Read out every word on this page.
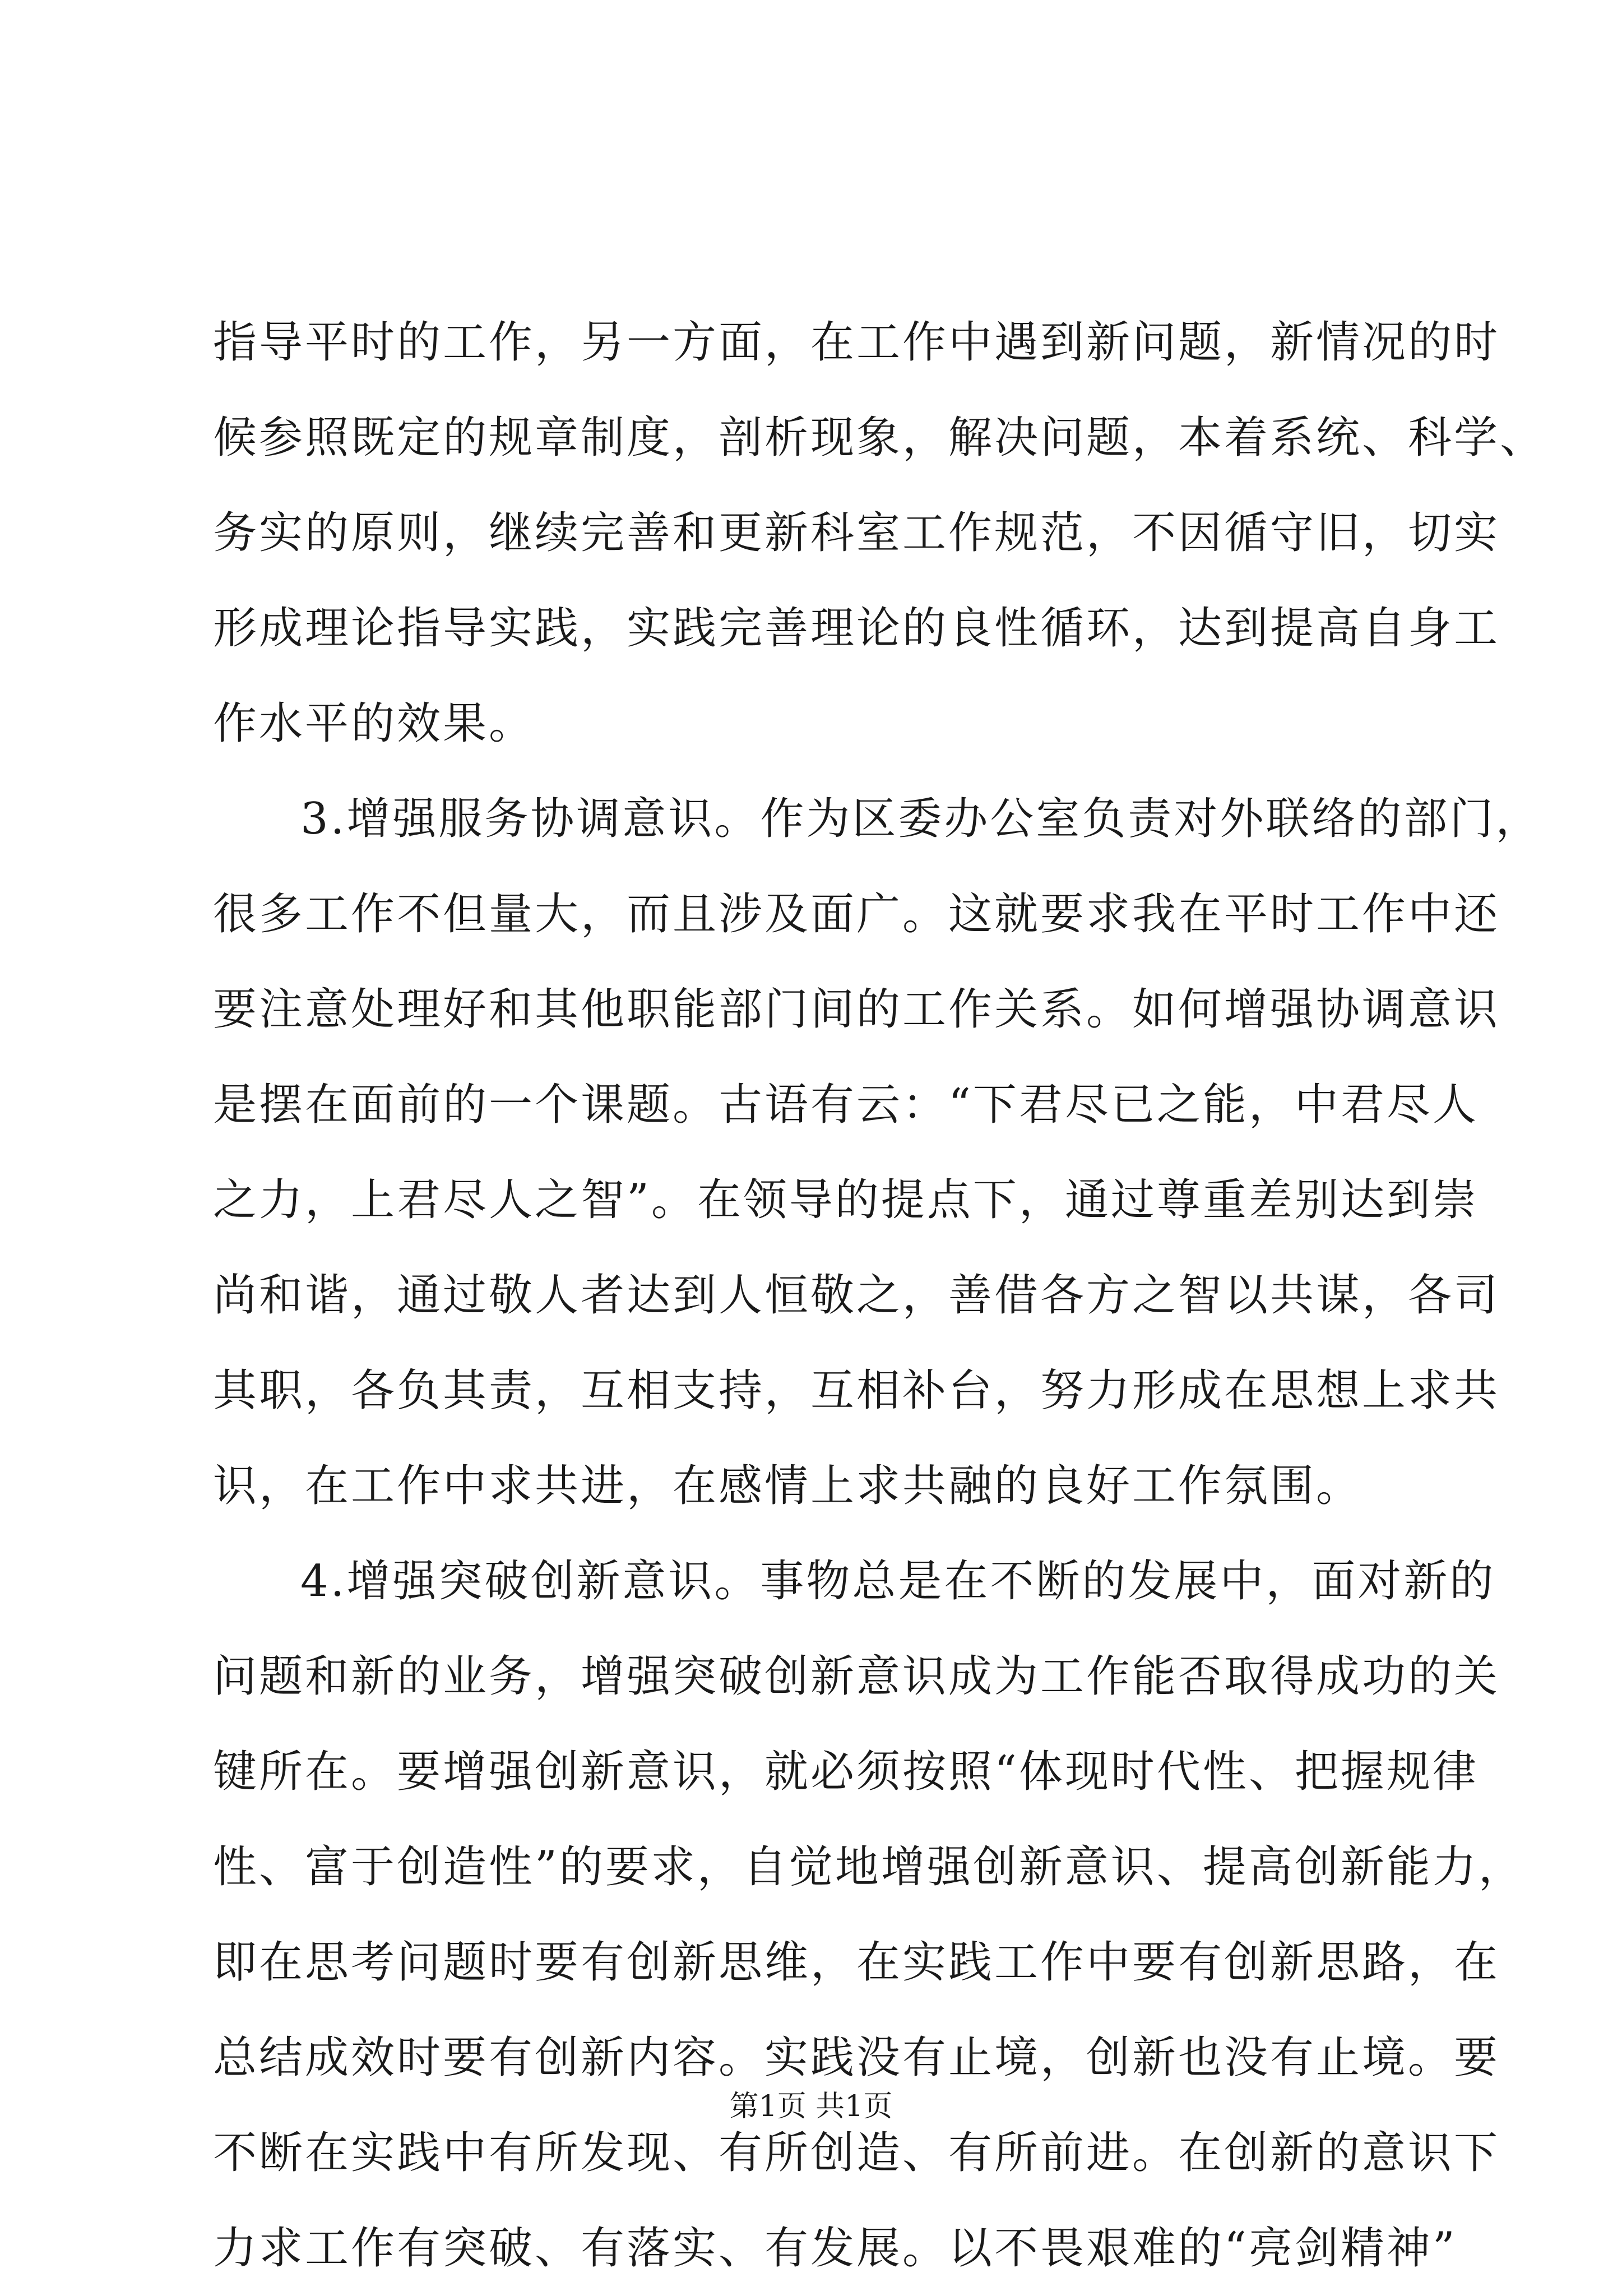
指导平时的工作，另一方面，在工作中遇到新问题，新情况的时
候参照既定的规章制度，剖析现象，解决问题，本着系统、科学、
务实的原则，继续完善和更新科室工作规范，不因循守旧，切实
形成理论指导实践，实践完善理论的良性循环，达到提高自身工
作水平的效果。
3.增强服务协调意识。作为区委办公室负责对外联络的部门，
很多工作不但量大，而且涉及面广。这就要求我在平时工作中还
要注意处理好和其他职能部门间的工作关系。如何增强协调意识
是摆在面前的一个课题。古语有云：“下君尽已之能，中君尽人
之力，上君尽人之智”。在领导的提点下，通过尊重差别达到崇
尚和谐，通过敬人者达到人恒敬之，善借各方之智以共谋，各司
其职，各负其责，互相支持，互相补台，努力形成在思想上求共
识，在工作中求共进，在感情上求共融的良好工作氛围。
4.增强突破创新意识。事物总是在不断的发展中，面对新的
问题和新的业务，增强突破创新意识成为工作能否取得成功的关
键所在。要增强创新意识，就必须按照“体现时代性、把握规律
性、富于创造性”的要求，自觉地增强创新意识、提高创新能力，
即在思考问题时要有创新思维，在实践工作中要有创新思路，在
总结成效时要有创新内容。实践没有止境，创新也没有止境。要
不断在实践中有所发现、有所创造、有所前进。在创新的意识下
力求工作有突破、有落实、有发展。以不畏艰难的“亮剑精神”
第1页 共1页
